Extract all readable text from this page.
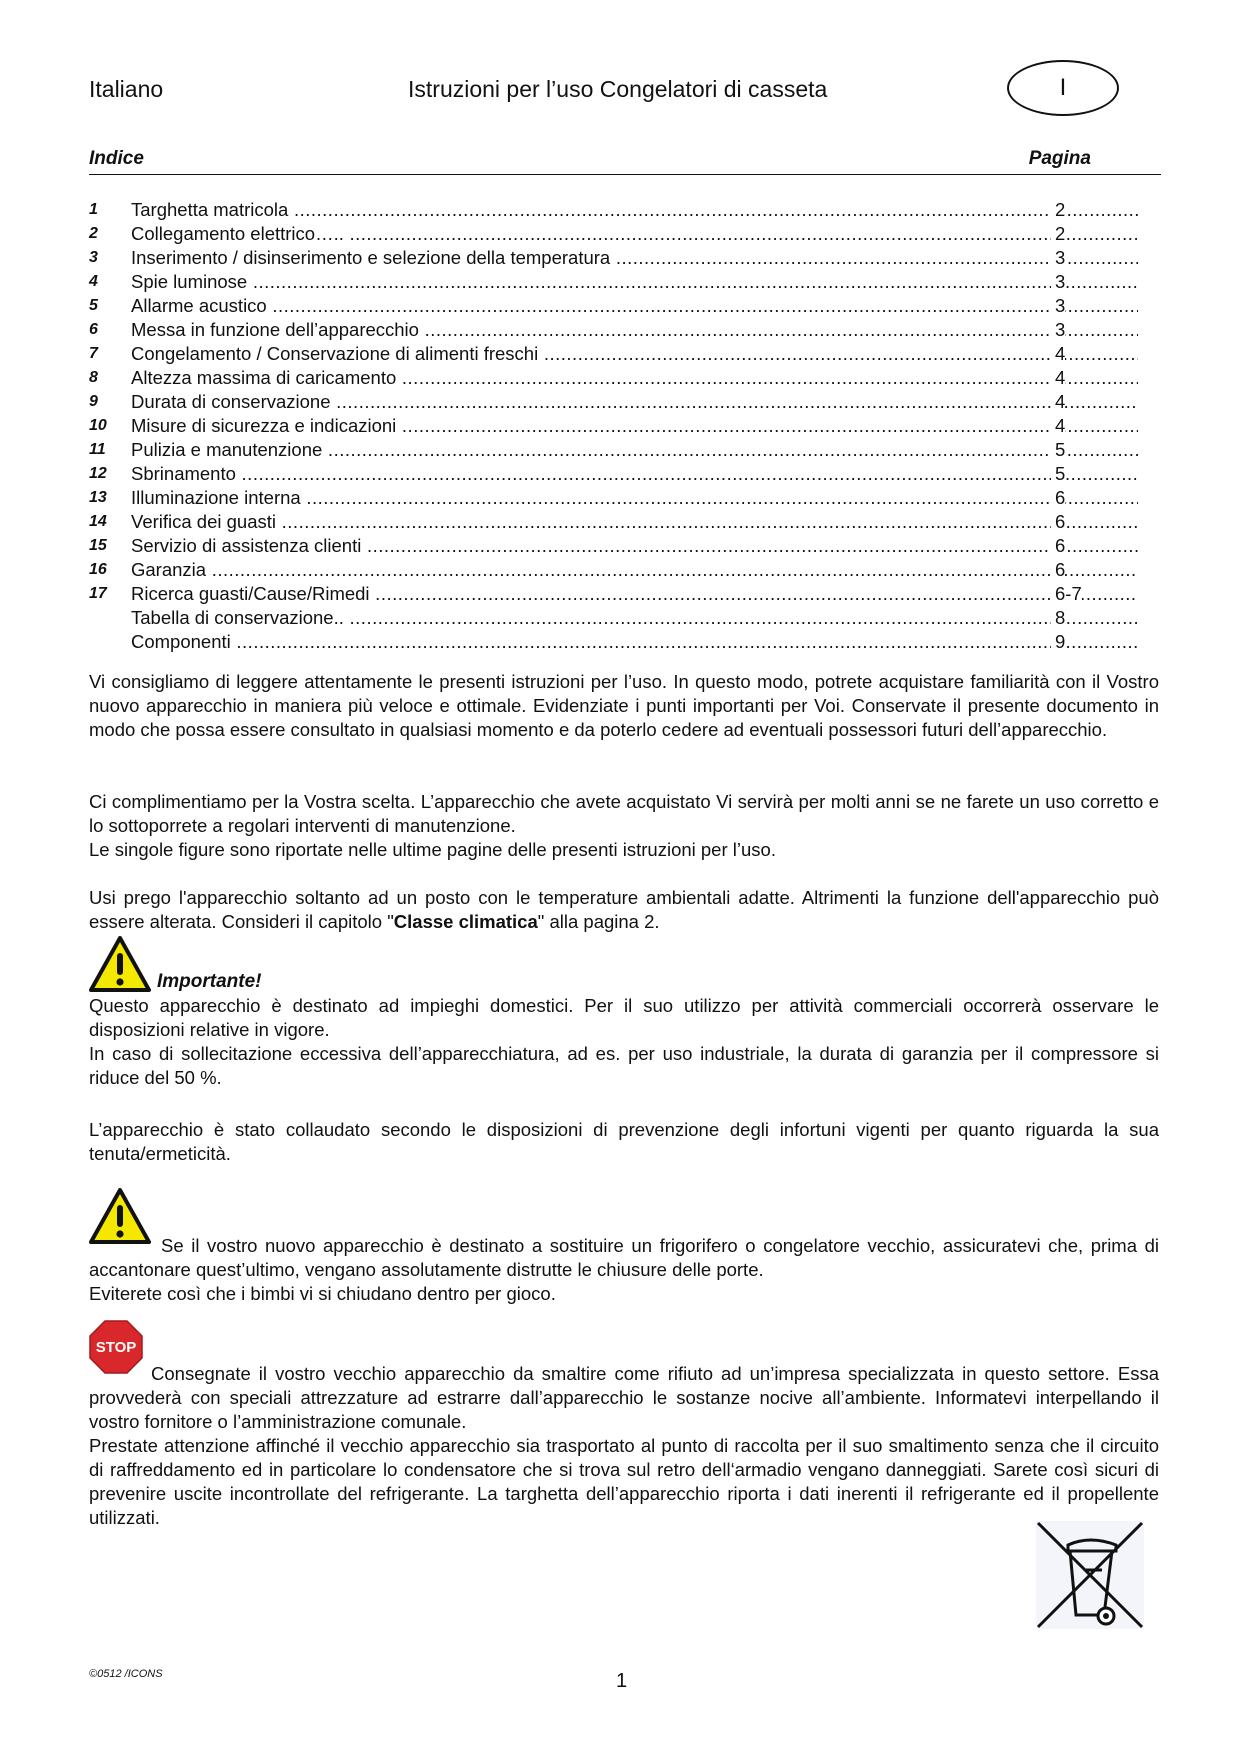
Italiano	Istruzioni per l’uso Congelatori di casseta	I
Indice	Pagina
1	Targhetta matricola .....	2
2	Collegamento elettrico….. .....	2
3	Inserimento / disinserimento e selezione della temperatura .....	3
4	Spie luminose .....	3
5	Allarme acustico .....	3
6	Messa in funzione dell’apparecchio .....	3
7	Congelamento / Conservazione di alimenti freschi .....	4
8	Altezza massima di caricamento .....	4
9	Durata di conservazione .....	4
10	Misure di sicurezza e indicazioni .....	4
11	Pulizia e manutenzione .....	5
12	Sbrinamento .....	5
13	Illuminazione interna .....	6
14	Verifica dei guasti .....	6
15	Servizio di assistenza clienti .....	6
16	Garanzia .....	6
17	Ricerca guasti/Cause/Rimedi .....	6-7
Tabella di conservazione.. .....	8
Componenti .....	9

Vi consigliamo di leggere attentamente le presenti istruzioni per l’uso. In questo modo, potrete acquistare familiarità con il Vostro nuovo apparecchio in maniera più veloce e ottimale. Evidenziate i punti importanti per Voi. Conservate il presente documento in modo che possa essere consultato in qualsiasi momento e da poterlo cedere ad eventuali possessori futuri dell’apparecchio.

Ci complimentiamo per la Vostra scelta. L’apparecchio che avete acquistato Vi servirà per molti anni se ne farete un uso corretto e lo sottoporrete a regolari interventi di manutenzione.

Le singole figure sono riportate nelle ultime pagine delle presenti istruzioni per l’uso.

Usi prego l'apparecchio soltanto ad un posto con le temperature ambientali adatte. Altrimenti la funzione dell'apparecchio può essere alterata. Consideri il capitolo "Classe climatica" alla pagina 2.

Importante!

Questo apparecchio è destinato ad impieghi domestici. Per il suo utilizzo per attività commerciali occorrerà osservare le disposizioni relative in vigore.

In caso di sollecitazione eccessiva dell’apparecchiatura, ad es. per uso industriale, la durata di garanzia per il compressore si riduce del 50 %.

L’apparecchio è stato collaudato secondo le disposizioni di prevenzione degli infortuni vigenti per quanto riguarda la sua tenuta/ermeticità.

Se il vostro nuovo apparecchio è destinato a sostituire un frigorifero o congelatore vecchio, assicuratevi che, prima di accantonare quest’ultimo, vengano assolutamente distrutte le chiusure delle porte.

Eviterete così che i bimbi vi si chiudano dentro per gioco.

STOP

Consegnate il vostro vecchio apparecchio da smaltire come rifiuto ad un’impresa specializzata in questo settore. Essa provvederà con speciali attrezzature ad estrarre dall’apparecchio le sostanze nocive all’ambiente. Informatevi interpellando il vostro fornitore o l’amministrazione comunale.

Prestate attenzione affinché il vecchio apparecchio sia trasportato al punto di raccolta per il suo smaltimento senza che il circuito di raffreddamento ed in particolare lo condensatore che si trova sul retro dell‘armadio vengano danneggiati. Sarete così sicuri di prevenire uscite incontrollate del refrigerante. La targhetta dell’apparecchio riporta i dati inerenti il refrigerante ed il propellente utilizzati.

©0512 /ICONS	1
